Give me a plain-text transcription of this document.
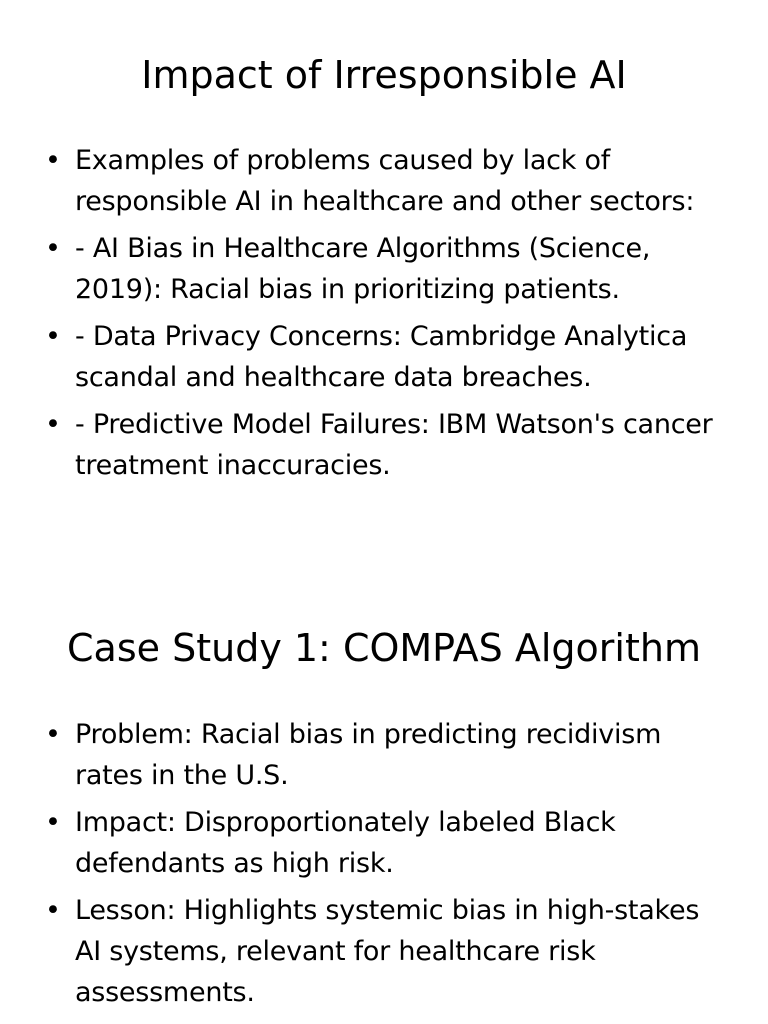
Impact of Irresponsible AI
• Examples of problems caused by lack of responsible AI in healthcare and other sectors:
• - AI Bias in Healthcare Algorithms (Science, 2019): Racial bias in prioritizing patients.
• - Data Privacy Concerns: Cambridge Analytica scandal and healthcare data breaches.
• - Predictive Model Failures: IBM Watson's cancer treatment inaccuracies.
Case Study 1: COMPAS Algorithm
• Problem: Racial bias in predicting recidivism rates in the U.S.
• Impact: Disproportionately labeled Black defendants as high risk.
• Lesson: Highlights systemic bias in high-stakes AI systems, relevant for healthcare risk assessments.
